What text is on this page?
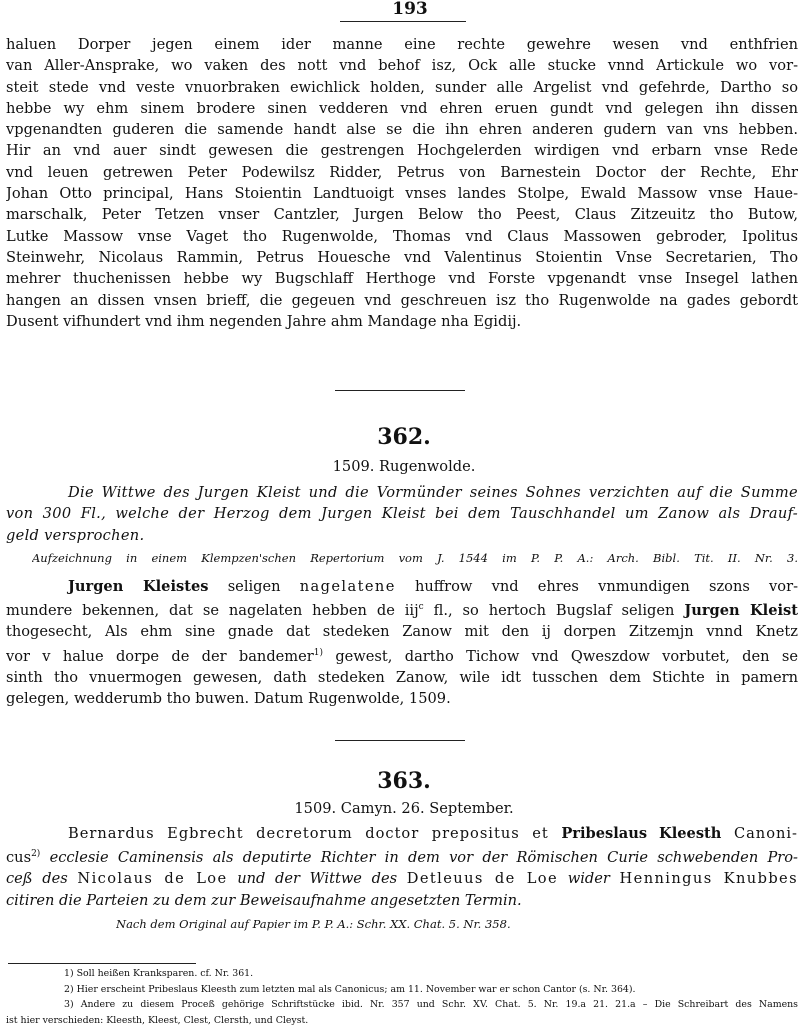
193
haluen Dorper jegen einem ider manne eine rechte gewehre wesen vnd enthfrien
van Aller-Ansprake, wo vaken des nott vnd behof isz, Ock alle stucke vnnd Artickule wo vor-
steit stede vnd veste vnuorbraken ewichlick holden, sunder alle Argelist vnd gefehrde, Dartho so
hebbe wy ehm sinem brodere sinen vedderen vnd ehren eruen gundt vnd gelegen ihn dissen
vpgenandten guderen die samende handt alse se die ihn ehren anderen gudern van vns hebben.
Hir an vnd auer sindt gewesen die gestrengen Hochgelerden wirdigen vnd erbarn vnse Rede
vnd leuen getrewen Peter Podewilsz Ridder, Petrus von Barnestein Doctor der Rechte, Ehr
Johan Otto principal, Hans Stoientin Landtuoigt vnses landes Stolpe, Ewald Massow vnse Haue-
marschalk, Peter Tetzen vnser Cantzler, Jurgen Below tho Peest, Claus Zitzeuitz tho Butow,
Lutke Massow vnse Vaget tho Rugenwolde, Thomas vnd Claus Massowen gebroder, Ipolitus
Steinwehr, Nicolaus Rammin, Petrus Houesche vnd Valentinus Stoientin Vnse Secretarien, Tho
mehrer thuchenissen hebbe wy Bugschlaff Herthoge vnd Forste vpgenandt vnse Insegel lathen
hangen an dissen vnsen brieff, die gegeuen vnd geschreuen isz tho Rugenwolde na gades gebordt
Dusent vifhundert vnd ihm negenden Jahre ahm Mandage nha Egidij.
362.
1509. Rugenwolde.
Die Wittwe des Jurgen Kleist und die Vormünder seines Sohnes verzichten auf die Summe
von 300 Fl., welche der Herzog dem Jurgen Kleist bei dem Tauschhandel um Zanow als Drauf-
geld versprochen.
Aufzeichnung in einem Klempzen'schen Repertorium vom J. 1544 im P. P. A.: Arch. Bibl. Tit. II. Nr. 3.
Jurgen Kleistes seligen nagelatene huffrow vnd ehres vnmundigen szons vor-
mundere bekennen, dat se nagelaten hebben de iij$^c$ fl., so hertoch Bugslaf seligen Jurgen Kleist
thogesecht, Als ehm sine gnade dat stedeken Zanow mit den ij dorpen Zitzemjn vnnd Knetz
vor v halue dorpe de der bandemer$^{1)}$ gewest, dartho Tichow vnd Qweszdow vorbutet, den se
sinth tho vnuermogen gewesen, dath stedeken Zanow, wile idt tusschen dem Stichte in pamern
gelegen, wedderumb tho buwen. Datum Rugenwolde, 1509.
363.
1509. Camyn. 26. September.
Bernardus Egbrecht decretorum doctor prepositus et Pribeslaus Kleesth Canoni-
cus$^{2)}$ ecclesie Caminensis als deputirte Richter in dem vor der Römischen Curie schwebenden Pro-
ceß des Nicolaus de Loe und der Wittwe des Detleuus de Loe wider Henningus Knubbes
citiren die Parteien zu dem zur Beweisaufnahme angesetzten Termin.
Nach dem Original auf Papier im P. P. A.: Schr. XX. Chat. 5. Nr. 358.
1) Soll heißen Kranksparen. cf. Nr. 361.
2) Hier erscheint Pribeslaus Kleesth zum letzten mal als Canonicus; am 11. November war er schon Cantor (s. Nr. 364).
3) Andere zu diesem Proceß gehörige Schriftstücke ibid. Nr. 357 und Schr. XV. Chat. 5. Nr. 19.a 21. 21.a – Die Schreibart des Namens
ist hier verschieden: Kleesth, Kleest, Clest, Clersth, und Cleyst.
